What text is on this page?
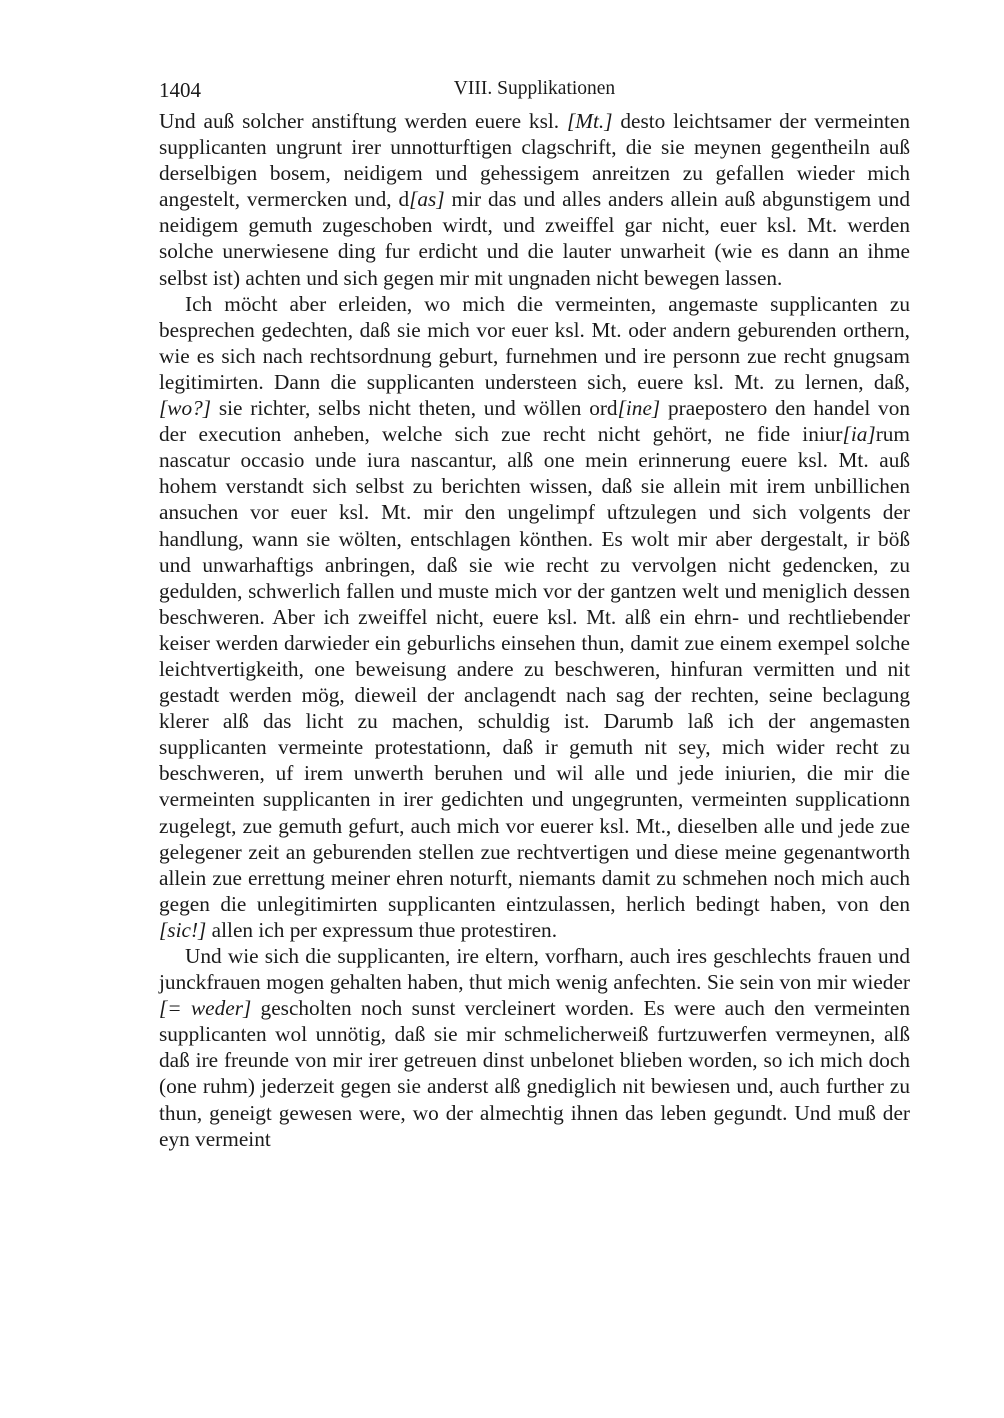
1404	VIII. Supplikationen

Und auß solcher anstiftung werden euere ksl. [Mt.] desto leichtsamer der vermeinten supplicanten ungrunt irer unnotturftigen clagschrift, die sie meynen gegentheiln auß derselbigen bosem, neidigem und gehessigem anreitzen zu gefallen wieder mich angestelt, vermercken und, d[as] mir das und alles anders allein auß abgunstigem und neidigem gemuth zugeschoben wirdt, und zweiffel gar nicht, euer ksl. Mt. werden solche unerwiesene ding fur erdicht und die lauter unwarheit (wie es dann an ihme selbst ist) achten und sich gegen mir mit ungnaden nicht bewegen lassen.

Ich möcht aber erleiden, wo mich die vermeinten, angemaste supplicanten zu besprechen gedechten, daß sie mich vor euer ksl. Mt. oder andern geburenden orthern, wie es sich nach rechtsordnung geburt, furnehmen und ire personn zue recht gnugsam legitimirten. Dann die supplicanten understeen sich, euere ksl. Mt. zu lernen, daß, [wo?] sie richter, selbs nicht theten, und wöllen ord[ine] praepostero den handel von der execution anheben, welche sich zue recht nicht gehört, ne fide iniur[ia]rum nascatur occasio unde iura nascantur, alß one mein erinnerung euere ksl. Mt. auß hohem verstandt sich selbst zu berichten wissen, daß sie allein mit irem unbillichen ansuchen vor euer ksl. Mt. mir den ungelimpf uftzulegen und sich volgents der handlung, wann sie wölten, entschlagen könthen. Es wolt mir aber dergestalt, ir böß und unwarhaftigs anbringen, daß sie wie recht zu vervolgen nicht gedencken, zu gedulden, schwerlich fallen und muste mich vor der gantzen welt und meniglich dessen beschweren. Aber ich zweiffel nicht, euere ksl. Mt. alß ein ehrn- und rechtliebender keiser werden darwieder ein geburlichs einsehen thun, damit zue einem exempel solche leichtvertigkeith, one beweisung andere zu beschweren, hinfuran vermitten und nit gestadt werden mög, dieweil der anclagendt nach sag der rechten, seine beclagung klerer alß das licht zu machen, schuldig ist. Darumb laß ich der angemasten supplicanten vermeinte protestationn, daß ir gemuth nit sey, mich wider recht zu beschweren, uf irem unwerth beruhen und wil alle und jede iniurien, die mir die vermeinten supplicanten in irer gedichten und ungegrunten, vermeinten supplicationn zugelegt, zue gemuth gefurt, auch mich vor euerer ksl. Mt., dieselben alle und jede zue gelegener zeit an geburenden stellen zue rechtvertigen und diese meine gegenantworth allein zue errettung meiner ehren noturft, niemants damit zu schmehen noch mich auch gegen die unlegitimirten supplicanten eintzulassen, herlich bedingt haben, von den [sic!] allen ich per expressum thue protestiren.

Und wie sich die supplicanten, ire eltern, vorfharn, auch ires geschlechts frauen und junckfrauen mogen gehalten haben, thut mich wenig anfechten. Sie sein von mir wieder [= weder] gescholten noch sunst vercleinert worden. Es were auch den vermeinten supplicanten wol unnötig, daß sie mir schmelicherweiß furtzuwerfen vermeynen, alß daß ire freunde von mir irer getreuen dinst unbelonet blieben worden, so ich mich doch (one ruhm) jederzeit gegen sie anderst alß gnediglich nit bewiesen und, auch further zu thun, geneigt gewesen were, wo der almechtig ihnen das leben gegundt. Und muß der eyn vermeint
